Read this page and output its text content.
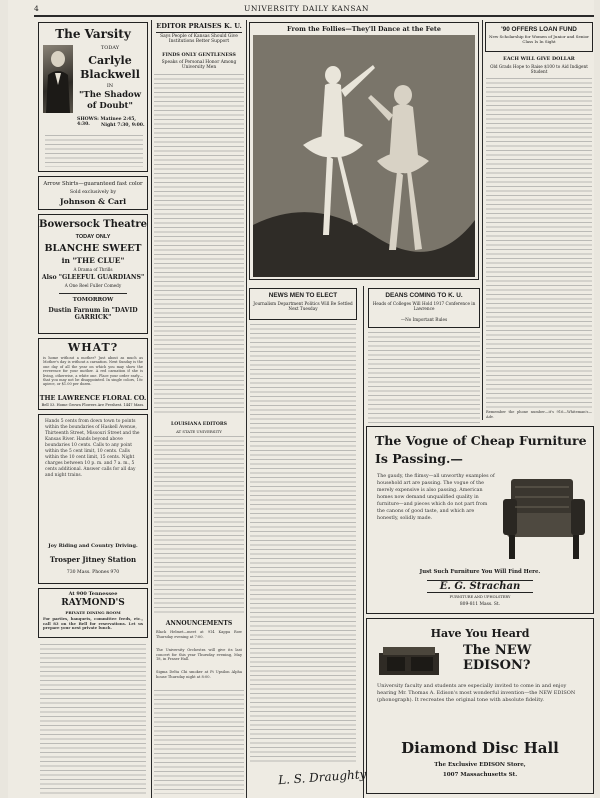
4	UNIVERSITY DAILY KANSAN
The Varsity
TODAY
Carlyle
Blackwell
IN
"The Shadow
of Doubt"
SHOWS: Matinee 2:45, 4:30.	Night 7:30, 9:00.
Arrow Shirts—guaranteed fast color
Sold exclusively by
Johnson & Carl
Bowersock Theatre
TODAY ONLY
BLANCHE SWEET
in "THE CLUE"
A Drama of Thrills
Also "GLEEFUL GUARDIANS"
A One Reel Fuller Comedy
TOMORROW
Dustin Farnum in "DAVID GARRICK"
WHAT?
is home without a mother? Just about as much as Mother's day is without a carnation. Next Sunday is the one day of all the year on which you may show the reverence for your mother. A red carnation if she is living, otherwise, a white one. Place your order early—that you may not be disappointed. In single colors, 10c apiece, or $1.00 per dozen.
THE LAWRENCE FLORAL CO.
Bell 53. Home Grown Flowers Are Freshest. 1447 Mass.
Hands 5 cents from down town to points within the boundaries of Haskell Avenue, Thirteenth Street, Missouri Street and the Kansas River. Hands beyond above boundaries 10 cents. Calls to any point within the 5 cent limit, 10 cents. Calls within the 10 cent limit, 15 cents. Night charges between 10 p. m. and 7 a. m., 5 cents additional. Answer calls for all day and night trains.
Joy Riding and Country Driving.
Trosper Jitney Station
730 Mass. Phones 970
At 900 Tennessee
RAYMOND'S
PRIVATE DINING ROOM
For parties, banquets, committee feeds, etc., call 83 on the Bell for reservations. Let us prepare your next private lunch.
LOUISIANA EDITORS
AT STATE UNIVERSITY
ANNOUNCEMENTS
Black Helmet—meet at 914 Kappa Row Thursday evening at 7:00.
The University Orchestra will give its last concert for this year Thursday evening, May 18, in Fraser Hall.
Sigma Delta Chi smoker at Pi Upsilon Alpha house Thursday night at 8:00.
EDITOR PRAISES K. U.
Says People of Kansas Should Give Institutions Better Support
FINDS ONLY GENTLENESS
Speaks of Personal Honor Among University Men
From the Follies—They'll Dance at the Fete
NEWS MEN TO ELECT
Journalism Department Politics Will Be Settled Next Tuesday
DEANS COMING TO K. U.
Heads of Colleges Will Hold 1917 Conference in Lawrence
—No Important Rules
L. S. Draughty
'90 OFFERS LOAN FUND
New Scholarship for Women of Junior and Senior Class Is In Sight
EACH WILL GIVE DOLLAR
Old Grads Hope to Raise $100 to Aid Indigent Student
Remember the phone number—it's 916—Whiteman's—Adv.
The Vogue of Cheap Furniture
Is Passing.—
The gaudy, the flimsy—all unworthy examples of household art are passing. The vogue of the merely expensive is also passing. American homes now demand unqualified quality in furniture—and pieces which do not part from the canons of good taste, and which are honestly, solidly made.
Just Such Furniture You Will Find Here.
E. G. Strachan
FURNITURE AND UPHOLSTERY
809-811 Mass. St.
Have You Heard
The NEW EDISON?
University faculty and students are especially invited to come in and enjoy hearing Mr. Thomas A. Edison's most wonderful invention—the NEW EDISON (phonograph). It recreates the original tone with absolute fidelity.
Diamond Disc Hall
The Exclusive EDISON Store,
1007 Massachusetts St.
